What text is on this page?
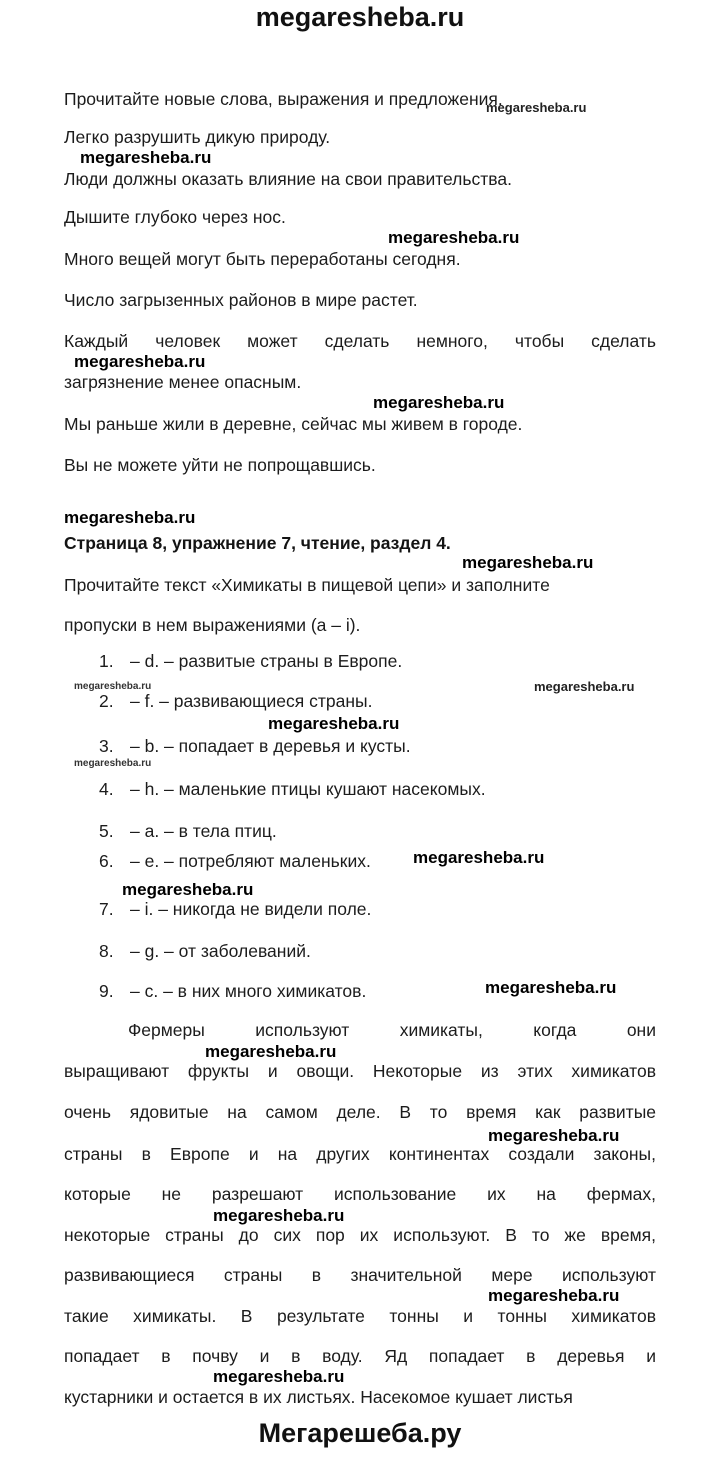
megaresheba.ru
Прочитайте новые слова, выражения и предложения.
megaresheba.ru
Легко разрушить дикую природу.
megaresheba.ru
Люди должны оказать влияние на свои правительства.
Дышите глубоко через нос.
megaresheba.ru
Много вещей могут быть переработаны сегодня.
Число загрызенных районов в мире растет.
Каждый человек может сделать немного, чтобы сделать
megaresheba.ru
загрязнение менее опасным.
megaresheba.ru
Мы раньше жили в деревне, сейчас мы живем в городе.
Вы не можете уйти не попрощавшись.
megaresheba.ru
Страница 8, упражнение 7, чтение, раздел 4.
megaresheba.ru
Прочитайте текст «Химикаты в пищевой цепи» и заполните
пропуски в нем выражениями (a – i).
1. – d. – развитые страны в Европе.
megaresheba.ru	megaresheba.ru
2. – f. – развивающиеся страны.
megaresheba.ru
3. – b. – попадает в деревья и кусты.
megaresheba.ru
4. – h. – маленькие птицы кушают насекомых.
5. – a. – в тела птиц.
6. – e. – потребляют маленьких. megaresheba.ru
megaresheba.ru
7. – i. – никогда не видели поле.
8. – g. – от заболеваний.
9. – c. – в них много химикатов.	megaresheba.ru
Фермеры используют химикаты, когда они
megaresheba.ru
выращивают фрукты и овощи. Некоторые из этих химикатов
очень ядовитые на самом деле. В то время как развитые
megaresheba.ru
страны в Европе и на других континентах создали законы,
которые не разрешают использование их на фермах,
megaresheba.ru
некоторые страны до сих пор их используют. В то же время,
развивающиеся страны в значительной мере используют
megaresheba.ru
такие химикаты. В результате тонны и тонны химикатов
попадает в почву и в воду. Яд попадает в деревья и
megaresheba.ru
кустарники и остается в их листьях. Насекомое кушает листья
Мегарешеба.ру
